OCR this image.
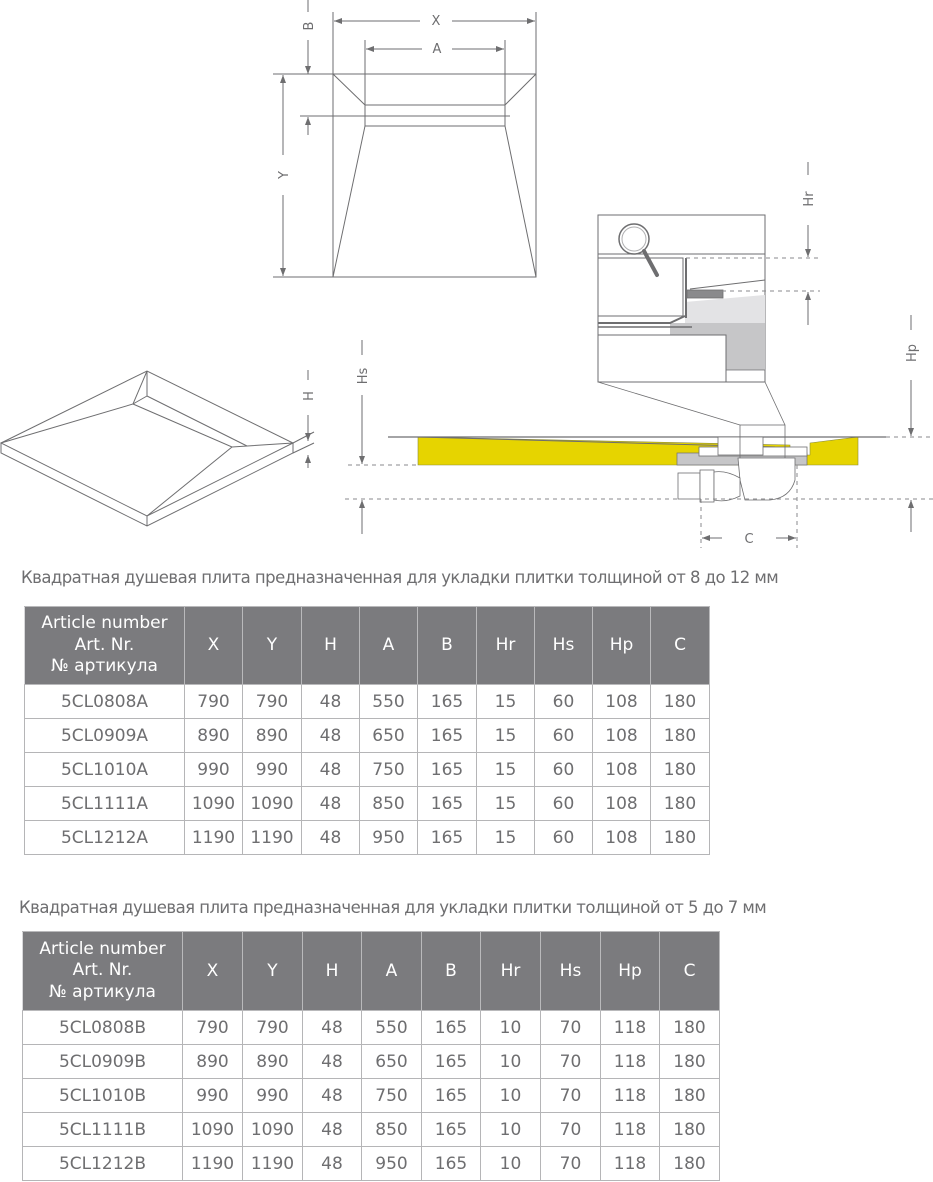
X
A
B
Y
H
Hr
Hp
Hs
C
Квадратная душевая плита предназначенная для укладки плитки толщиной от 8 до 12 мм
Article number
Art. Nr.
№ артикула	X	Y	H	A	B	Hr	Hs	Hp	C
5CL0808A	790	790	48	550	165	15	60	108	180
5CL0909A	890	890	48	650	165	15	60	108	180
5CL1010A	990	990	48	750	165	15	60	108	180
5CL1111A	1090	1090	48	850	165	15	60	108	180
5CL1212A	1190	1190	48	950	165	15	60	108	180
Квадратная душевая плита предназначенная для укладки плитки толщиной от 5 до 7 мм
Article number
Art. Nr.
№ артикула	X	Y	H	A	B	Hr	Hs	Hp	C
5CL0808B	790	790	48	550	165	10	70	118	180
5CL0909B	890	890	48	650	165	10	70	118	180
5CL1010B	990	990	48	750	165	10	70	118	180
5CL1111B	1090	1090	48	850	165	10	70	118	180
5CL1212B	1190	1190	48	950	165	10	70	118	180
